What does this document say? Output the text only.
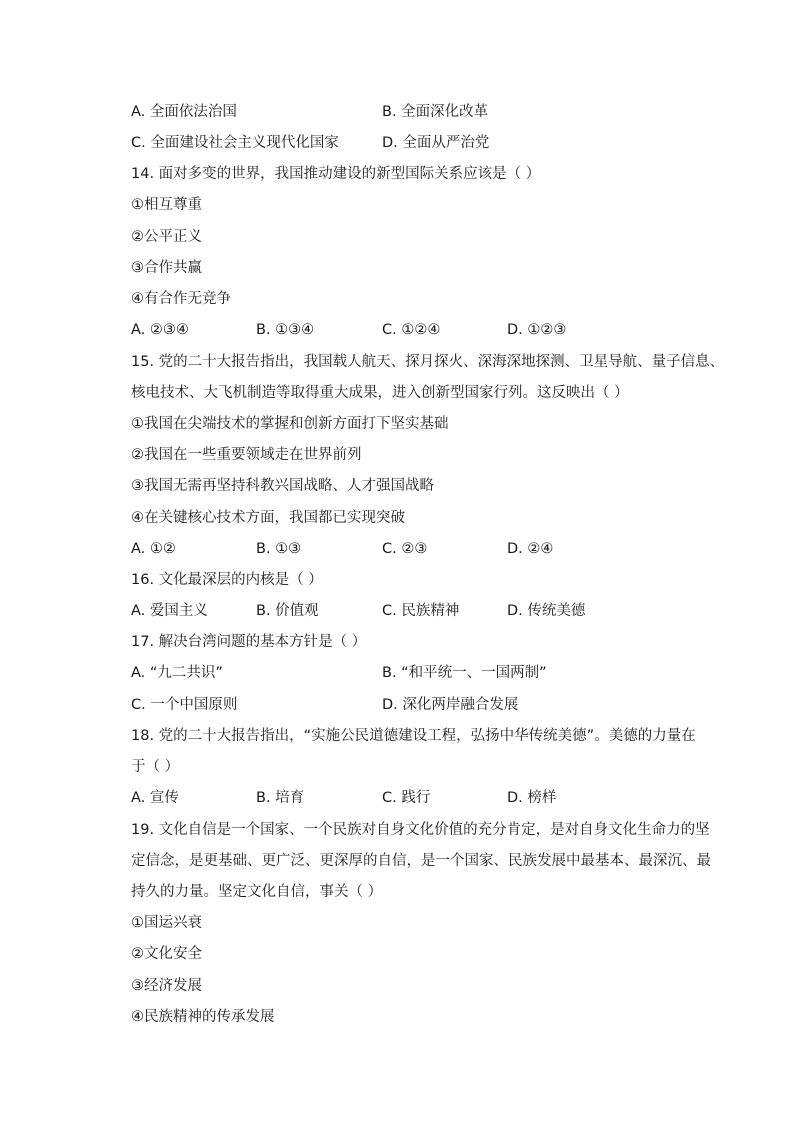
A. 全面依法治国	B. 全面深化改革
C. 全面建设社会主义现代化国家	D. 全面从严治党
14. 面对多变的世界，我国推动建设的新型国际关系应该是（ ）
①相互尊重
②公平正义
③合作共赢
④有合作无竞争
A. ②③④	B. ①③④	C. ①②④	D. ①②③
15. 党的二十大报告指出，我国载人航天、探月探火、深海深地探测、卫星导航、量子信息、
核电技术、大飞机制造等取得重大成果，进入创新型国家行列。这反映出（ ）
①我国在尖端技术的掌握和创新方面打下坚实基础
②我国在一些重要领域走在世界前列
③我国无需再坚持科教兴国战略、人才强国战略
④在关键核心技术方面，我国都已实现突破
A. ①②	B. ①③	C. ②③	D. ②④
16. 文化最深层的内核是（ ）
A. 爱国主义	B. 价值观	C. 民族精神	D. 传统美德
17. 解决台湾问题的基本方针是（ ）
A. “九二共识”	B. “和平统一、一国两制”
C. 一个中国原则	D. 深化两岸融合发展
18. 党的二十大报告指出，“实施公民道德建设工程，弘扬中华传统美德”。美德的力量在
于（ ）
A. 宣传	B. 培育	C. 践行	D. 榜样
19. 文化自信是一个国家、一个民族对自身文化价值的充分肯定，是对自身文化生命力的坚
定信念，是更基础、更广泛、更深厚的自信，是一个国家、民族发展中最基本、最深沉、最
持久的力量。坚定文化自信，事关（ ）
①国运兴衰
②文化安全
③经济发展
④民族精神的传承发展
